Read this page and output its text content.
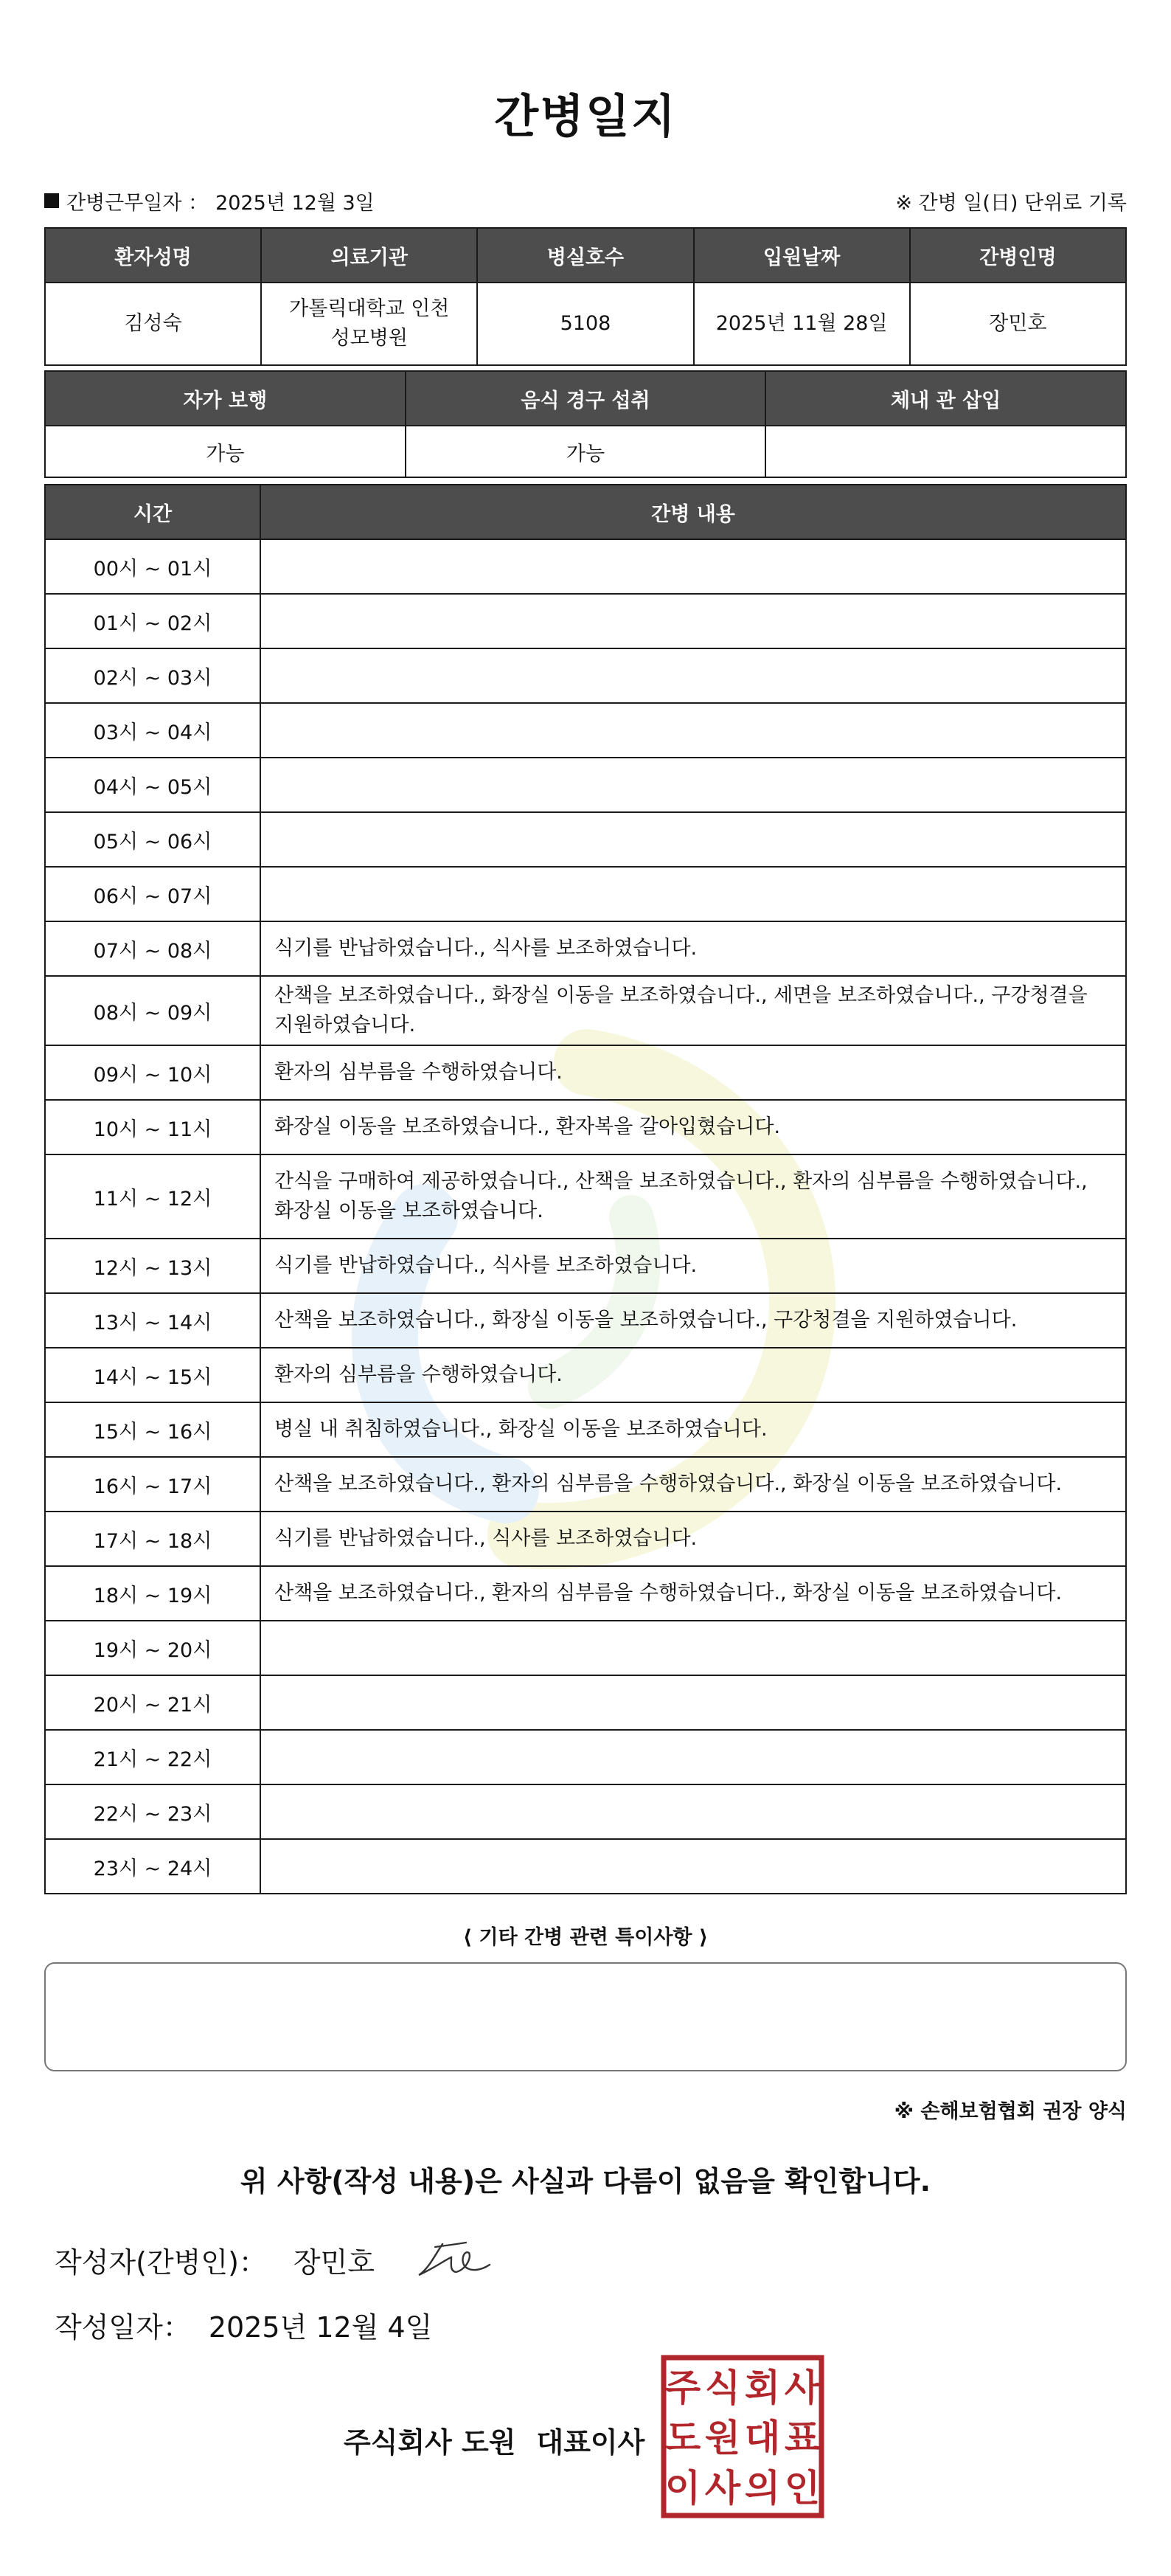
간병일지
간병근무일자 ： 2025년 12월 3일	※ 간병 일(日) 단위로 기록
환자성명	의료기관	병실호수	입원날짜	간병인명
김성숙	가톨릭대학교 인천성모병원	5108	2025년 11월 28일	장민호
자가 보행	음식 경구 섭취	체내 관 삽입
가능	가능	
시간	간병 내용
00시 ~ 01시	
01시 ~ 02시	
02시 ~ 03시	
03시 ~ 04시	
04시 ~ 05시	
05시 ~ 06시	
06시 ~ 07시	
07시 ~ 08시	식기를 반납하였습니다., 식사를 보조하였습니다.
08시 ~ 09시	산책을 보조하였습니다., 화장실 이동을 보조하였습니다., 세면을 보조하였습니다., 구강청결을 지원하였습니다.
09시 ~ 10시	환자의 심부름을 수행하였습니다.
10시 ~ 11시	화장실 이동을 보조하였습니다., 환자복을 갈아입혔습니다.
11시 ~ 12시	간식을 구매하여 제공하였습니다., 산책을 보조하였습니다., 환자의 심부름을 수행하였습니다., 화장실 이동을 보조하였습니다.
12시 ~ 13시	식기를 반납하였습니다., 식사를 보조하였습니다.
13시 ~ 14시	산책을 보조하였습니다., 화장실 이동을 보조하였습니다., 구강청결을 지원하였습니다.
14시 ~ 15시	환자의 심부름을 수행하였습니다.
15시 ~ 16시	병실 내 취침하였습니다., 화장실 이동을 보조하였습니다.
16시 ~ 17시	산책을 보조하였습니다., 환자의 심부름을 수행하였습니다., 화장실 이동을 보조하였습니다.
17시 ~ 18시	식기를 반납하였습니다., 식사를 보조하였습니다.
18시 ~ 19시	산책을 보조하였습니다., 환자의 심부름을 수행하였습니다., 화장실 이동을 보조하였습니다.
19시 ~ 20시	
20시 ~ 21시	
21시 ~ 22시	
22시 ~ 23시	
23시 ~ 24시	
⟨ 기타 간병 관련 특이사항 ⟩
※ 손해보험협회 권장 양식
위 사항(작성 내용)은 사실과 다름이 없음을 확인합니다.
작성자(간병인)： 장민호
작성일자： 2025년 12월 4일
주식회사 도원 대표이사
주 식 회 사
도 원 대 표
이 사 의 인
